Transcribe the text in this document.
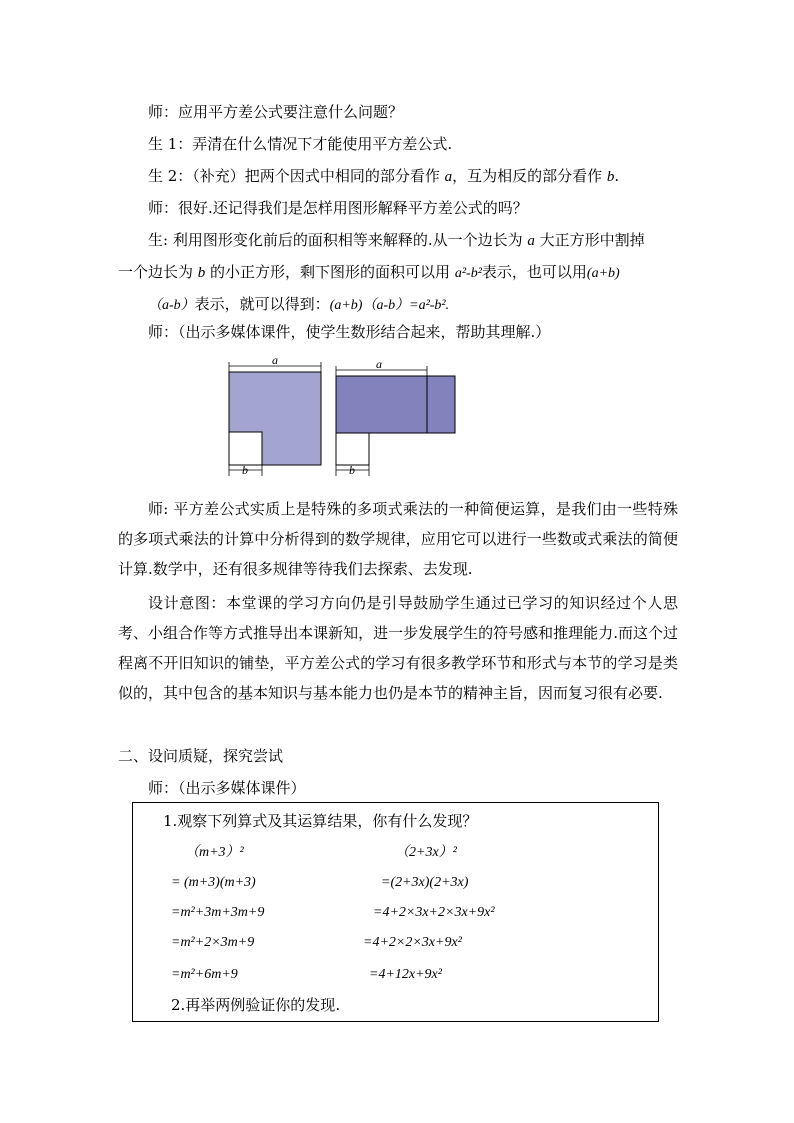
师：应用平方差公式要注意什么问题？
生 1：弄清在什么情况下才能使用平方差公式.
生 2：（补充）把两个因式中相同的部分看作 a，互为相反的部分看作 b.
师：很好.还记得我们是怎样用图形解释平方差公式的吗？
生: 利用图形变化前后的面积相等来解释的.从一个边长为 a 大正方形中割掉
一个边长为 b 的小正方形，剩下图形的面积可以用 a²-b²表示，也可以用(a+b)
（a-b）表示，就可以得到：(a+b)（a-b）=a²-b².
师：（出示多媒体课件，使学生数形结合起来，帮助其理解.）
a
b
a
b
师: 平方差公式实质上是特殊的多项式乘法的一种简便运算，是我们由一些特殊的多项式乘法的计算中分析得到的数学规律，应用它可以进行一些数或式乘法的简便计算.数学中，还有很多规律等待我们去探索、去发现.
设计意图：本堂课的学习方向仍是引导鼓励学生通过已学习的知识经过个人思考、小组合作等方式推导出本课新知，进一步发展学生的符号感和推理能力.而这个过程离不开旧知识的铺垫，平方差公式的学习有很多教学环节和形式与本节的学习是类似的，其中包含的基本知识与基本能力也仍是本节的精神主旨，因而复习很有必要.
二、设问质疑，探究尝试
师：（出示多媒体课件）
1.观察下列算式及其运算结果，你有什么发现？
（m+3）²
= (m+3)(m+3)
=m²+3m+3m+9
=m²+2×3m+9
=m²+6m+9
（2+3x）²
=(2+3x)(2+3x)
=4+2×3x+2×3x+9x²
=4+2×2×3x+9x²
=4+12x+9x²
2.再举两例验证你的发现.
